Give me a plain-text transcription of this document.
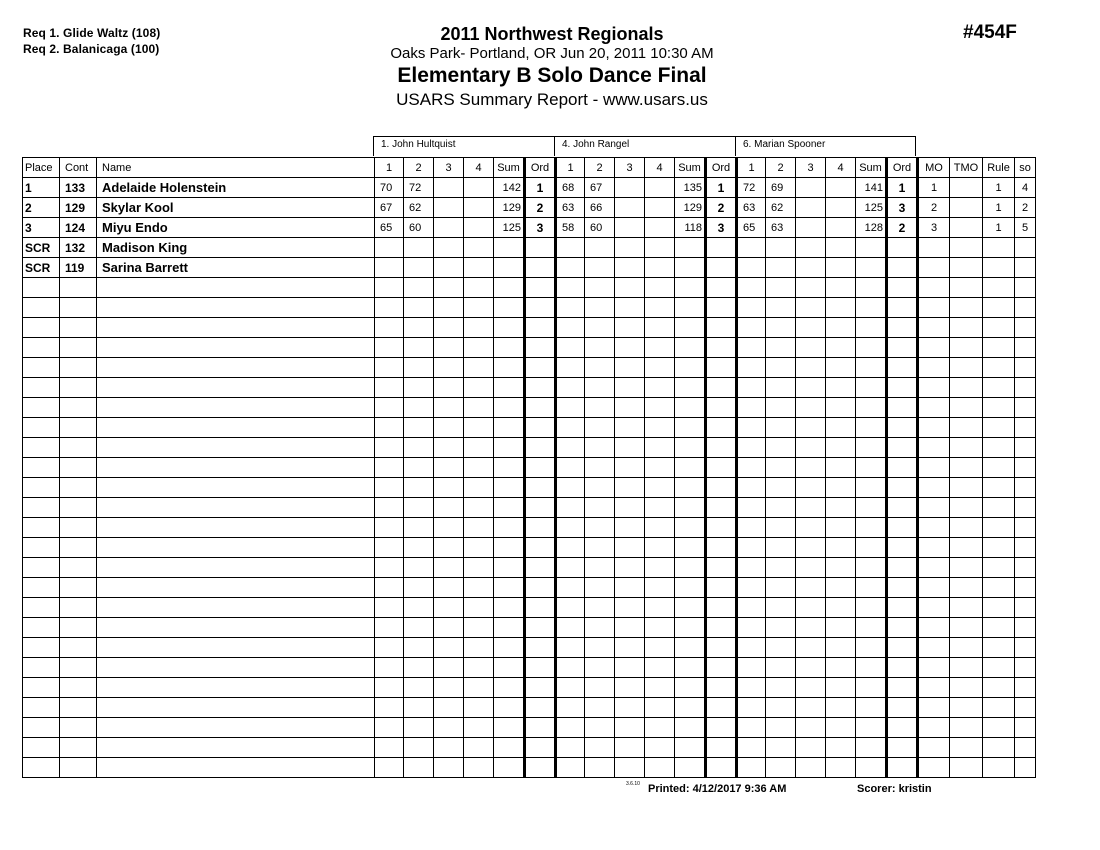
Req 1. Glide Waltz (108)
Req 2. Balanicaga (100)
2011 Northwest Regionals
Oaks Park- Portland, OR Jun 20, 2011 10:30 AM
Elementary B Solo Dance Final
USARS Summary Report - www.usars.us
#454F
1. John Hultquist	4. John Rangel	6. Marian Spooner
Place	Cont	Name	1	2	3	4	Sum	Ord	1	2	3	4	Sum	Ord	1	2	3	4	Sum	Ord	MO	TMO	Rule	so
1	133	Adelaide Holenstein	70	72			142	1	68	67			135	1	72	69			141	1	1		1	4
2	129	Skylar Kool	67	62			129	2	63	66			129	2	63	62			125	3	2		1	2
3	124	Miyu Endo	65	60			125	3	58	60			118	3	65	63			128	2	3		1	5
SCR	132	Madison King																						
SCR	119	Sarina Barrett																						

3.6.10 Printed: 4/12/2017 9:36 AM	Scorer: kristin
